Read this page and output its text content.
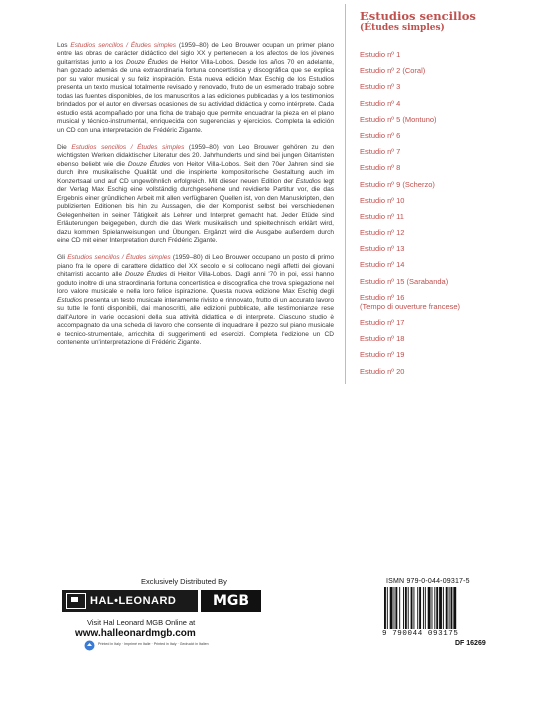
Los Estudios sencillos / Études simples (1959–80) de Leo Brouwer ocupan un primer plano entre las obras de carácter didáctico del siglo XX y pertenecen a los afectos de los jóvenes guitarristas junto a los Douze Études de Heitor Villa-Lobos. Desde los años 70 en adelante, han gozado además de una extraordinaria fortuna concertística y discográfica que se explica por su valor musical y su feliz inspiración. Esta nueva edición Max Eschig de los Estudios presenta un texto musical totalmente revisado y renovado, fruto de un esmerado trabajo sobre todas las fuentes disponibles, de los manuscritos a las ediciones publicadas y a los testimonios brindados por el autor en diversas ocasiones de su actividad didáctica y como intérprete. Cada estudio está acompañado por una ficha de trabajo que permite encuadrar la pieza en el plano musical y técnico-instrumental, enriquecida con sugerencias y ejercicios. Completa la edición un CD con una interpretación de Frédéric Zigante.

Die Estudios sencillos / Études simples (1959–80) von Leo Brouwer gehören zu den wichtigsten Werken didaktischer Literatur des 20. Jahrhunderts und sind bei jungen Gitarristen ebenso beliebt wie die Douze Études von Heitor Villa-Lobos. Seit den 70er Jahren sind sie durch ihre musikalische Qualität und die inspirierte kompositorische Gestaltung auch im Konzertsaal und auf CD ungewöhnlich erfolgreich. Mit dieser neuen Edition der Estudios legt der Verlag Max Eschig eine vollständig durchgesehene und revidierte Partitur vor, die das Ergebnis einer gründlichen Arbeit mit allen verfügbaren Quellen ist, von den Manuskripten, den publizierten Editionen bis hin zu Aussagen, die der Komponist selbst bei verschiedenen Gelegenheiten in seiner Tätigkeit als Lehrer und Interpret gemacht hat. Jeder Etüde sind Erläuterungen beigegeben, durch die das Werk musikalisch und spieltechnisch erklärt wird, dazu kommen Spielanweisungen und Übungen. Ergänzt wird die Ausgabe außerdem durch eine CD mit einer Interpretation durch Frédéric Zigante.

Gli Estudios sencillos / Études simples (1959–80) di Leo Brouwer occupano un posto di primo piano fra le opere di carattere didattico del XX secolo e si collocano negli affetti dei giovani chitarristi accanto alle Douze Études di Heitor Villa-Lobos. Dagli anni '70 in poi, essi hanno goduto inoltre di una straordinaria fortuna concertistica e discografica che trova spiegazione nel loro valore musicale e nella loro felice ispirazione. Questa nuova edizione Max Eschig degli Estudios presenta un testo musicale interamente rivisto e rinnovato, frutto di un accurato lavoro su tutte le fonti disponibili, dai manoscritti, alle edizioni pubblicate, alle testimonianze rese dall'Autore in varie occasioni della sua attività didattica e di interprete. Ciascuno studio è accompagnato da una scheda di lavoro che consente di inquadrare il pezzo sul piano musicale e tecnico-strumentale, arricchita di suggerimenti ed esercizi. Completa l'edizione un CD contenente un'interpretazione di Frédéric Zigante.

Estudios sencillos
(Études simples)
Estudio nº 1
Estudio nº 2 (Coral)
Estudio nº 3
Estudio nº 4
Estudio nº 5 (Montuno)
Estudio nº 6
Estudio nº 7
Estudio nº 8
Estudio nº 9 (Scherzo)
Estudio nº 10
Estudio nº 11
Estudio nº 12
Estudio nº 13
Estudio nº 14
Estudio nº 15 (Sarabanda)
Estudio nº 16
(Tempo di ouverture francese)
Estudio nº 17
Estudio nº 18
Estudio nº 19
Estudio nº 20
Exclusively Distributed By
HAL•LEONARD	MGB
Visit Hal Leonard MGB Online at
www.halleonardmgb.com
Printed in Italy · Imprimé en Italie · Printed in Italy · Gedruckt in Italien
ISMN 979-0-044-09317-5
9 790044 093175
DF 16269
